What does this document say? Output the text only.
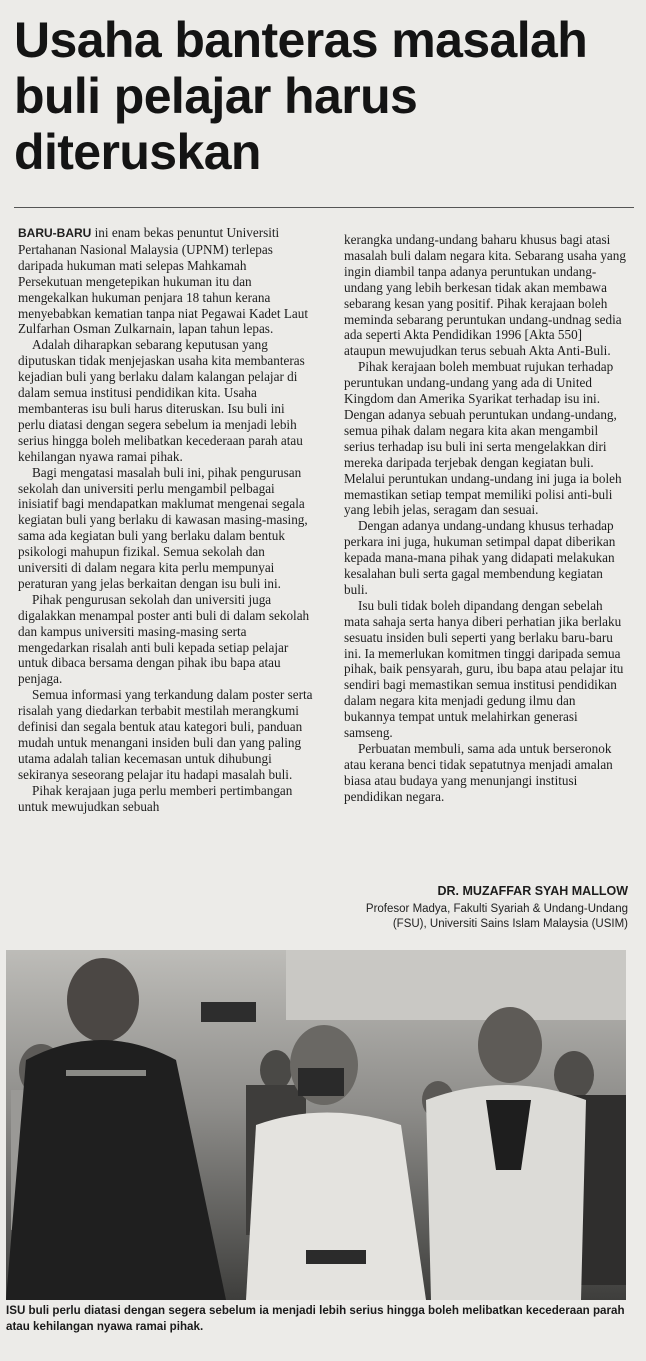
Usaha banteras masalah buli pelajar harus diteruskan

BARU-BARU ini enam bekas penuntut Universiti Pertahanan Nasional Malaysia (UPNM) terlepas daripada hukuman mati selepas Mahkamah Persekutuan mengetepikan hukuman itu dan mengekalkan hukuman penjara 18 tahun kerana menyebabkan kematian tanpa niat Pegawai Kadet Laut Zulfarhan Osman Zulkarnain, lapan tahun lepas.

Adalah diharapkan sebarang keputusan yang diputuskan tidak menjejaskan usaha kita membanteras kejadian buli yang berlaku dalam kalangan pelajar di dalam semua institusi pendidikan kita. Usaha membanteras isu buli harus diteruskan. Isu buli ini perlu diatasi dengan segera sebelum ia menjadi lebih serius hingga boleh melibatkan kecederaan parah atau kehilangan nyawa ramai pihak.

Bagi mengatasi masalah buli ini, pihak pengurusan sekolah dan universiti perlu mengambil pelbagai inisiatif bagi mendapatkan maklumat mengenai segala kegiatan buli yang berlaku di kawasan masing-masing, sama ada kegiatan buli yang berlaku dalam bentuk psikologi mahupun fizikal. Semua sekolah dan universiti di dalam negara kita perlu mempunyai peraturan yang jelas berkaitan dengan isu buli ini.

Pihak pengurusan sekolah dan universiti juga digalakkan menampal poster anti buli di dalam sekolah dan kampus universiti masing-masing serta mengedarkan risalah anti buli kepada setiap pelajar untuk dibaca bersama dengan pihak ibu bapa atau penjaga.

Semua informasi yang terkandung dalam poster serta risalah yang diedarkan terbabit mestilah merangkumi definisi dan segala bentuk atau kategori buli, panduan mudah untuk menangani insiden buli dan yang paling utama adalah talian kecemasan untuk dihubungi sekiranya seseorang pelajar itu hadapi masalah buli.

Pihak kerajaan juga perlu memberi pertimbangan untuk mewujudkan sebuah

kerangka undang-undang baharu khusus bagi atasi masalah buli dalam negara kita. Sebarang usaha yang ingin diambil tanpa adanya peruntukan undang-undang yang lebih berkesan tidak akan membawa sebarang kesan yang positif. Pihak kerajaan boleh meminda sebarang peruntukan undang-undnag sedia ada seperti Akta Pendidikan 1996 [Akta 550] ataupun mewujudkan terus sebuah Akta Anti-Buli.

Pihak kerajaan boleh membuat rujukan terhadap peruntukan undang-undang yang ada di United Kingdom dan Amerika Syarikat terhadap isu ini. Dengan adanya sebuah peruntukan undang-undang, semua pihak dalam negara kita akan mengambil serius terhadap isu buli ini serta mengelakkan diri mereka daripada terjebak dengan kegiatan buli. Melalui peruntukan undang-undang ini juga ia boleh memastikan setiap tempat memiliki polisi anti-buli yang lebih jelas, seragam dan sesuai.

Dengan adanya undang-undang khusus terhadap perkara ini juga, hukuman setimpal dapat diberikan kepada mana-mana pihak yang didapati melakukan kesalahan buli serta gagal membendung kegiatan buli.

Isu buli tidak boleh dipandang dengan sebelah mata sahaja serta hanya diberi perhatian jika berlaku sesuatu insiden buli seperti yang berlaku baru-baru ini. Ia memerlukan komitmen tinggi daripada semua pihak, baik pensyarah, guru, ibu bapa atau pelajar itu sendiri bagi memastikan semua institusi pendidikan dalam negara kita menjadi gedung ilmu dan bukannya tempat untuk melahirkan generasi samseng.

Perbuatan membuli, sama ada untuk berseronok atau kerana benci tidak sepatutnya menjadi amalan biasa atau budaya yang menunjangi institusi pendidikan negara.

DR. MUZAFFAR SYAH MALLOW
Profesor Madya, Fakulti Syariah & Undang-Undang (FSU), Universiti Sains Islam Malaysia (USIM)
ISU buli perlu diatasi dengan segera sebelum ia menjadi lebih serius hingga boleh melibatkan kecederaan parah atau kehilangan nyawa ramai pihak.
